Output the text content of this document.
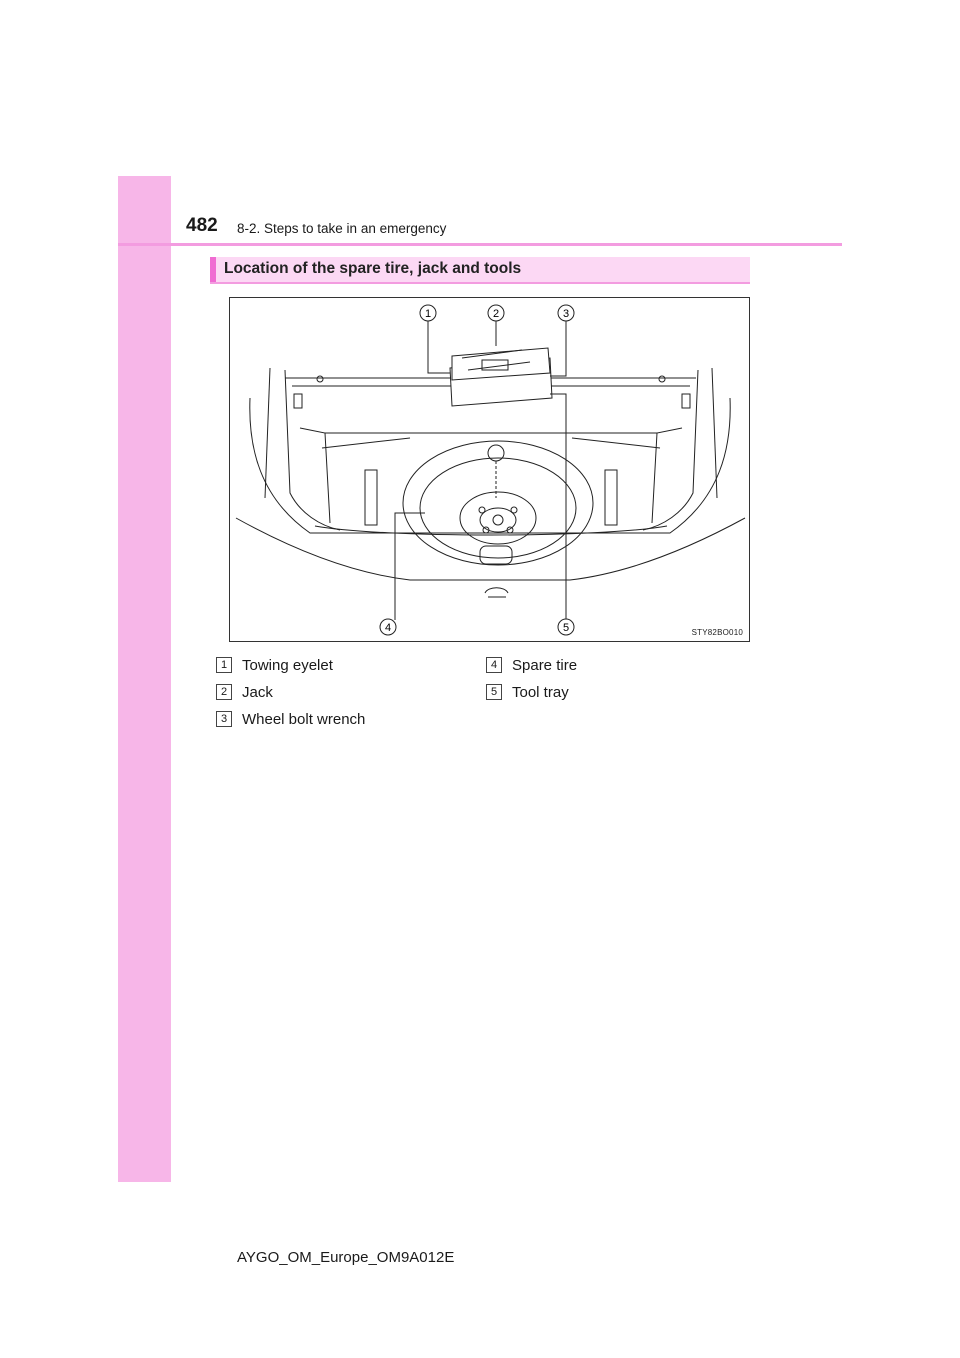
482 8-2. Steps to take in an emergency
Location of the spare tire, jack and tools
1	2	3
4	5	STY82BO010
1 Towing eyelet
2 Jack
3 Wheel bolt wrench
4 Spare tire
5 Tool tray
AYGO_OM_Europe_OM9A012E
